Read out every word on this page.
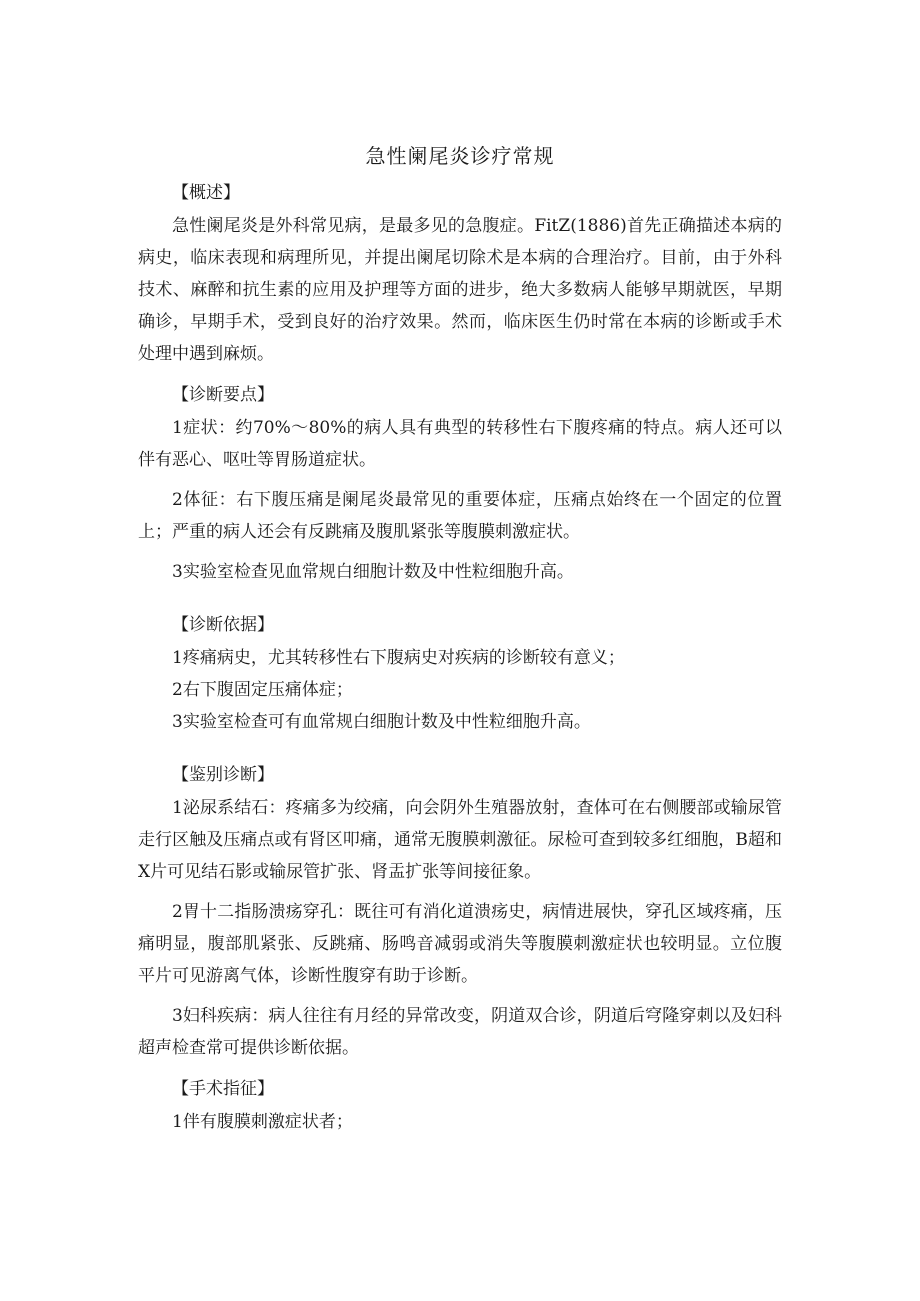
急性阑尾炎诊疗常规
【概述】
急性阑尾炎是外科常见病，是最多见的急腹症。FitZ(1886)首先正确描述本病的病史，临床表现和病理所见，并提出阑尾切除术是本病的合理治疗。目前，由于外科技术、麻醉和抗生素的应用及护理等方面的进步，绝大多数病人能够早期就医，早期确诊，早期手术，受到良好的治疗效果。然而，临床医生仍时常在本病的诊断或手术处理中遇到麻烦。
【诊断要点】
1症状：约70%～80%的病人具有典型的转移性右下腹疼痛的特点。病人还可以伴有恶心、呕吐等胃肠道症状。
2体征：右下腹压痛是阑尾炎最常见的重要体症，压痛点始终在一个固定的位置上；严重的病人还会有反跳痛及腹肌紧张等腹膜刺激症状。
3实验室检查见血常规白细胞计数及中性粒细胞升高。
【诊断依据】
1疼痛病史，尤其转移性右下腹病史对疾病的诊断较有意义；
2右下腹固定压痛体症；
3实验室检查可有血常规白细胞计数及中性粒细胞升高。
【鉴别诊断】
1泌尿系结石：疼痛多为绞痛，向会阴外生殖器放射，查体可在右侧腰部或输尿管走行区触及压痛点或有肾区叩痛，通常无腹膜刺激征。尿检可查到较多红细胞，B超和X片可见结石影或输尿管扩张、肾盂扩张等间接征象。
2胃十二指肠溃疡穿孔：既往可有消化道溃疡史，病情进展快，穿孔区域疼痛，压痛明显，腹部肌紧张、反跳痛、肠鸣音减弱或消失等腹膜刺激症状也较明显。立位腹平片可见游离气体，诊断性腹穿有助于诊断。
3妇科疾病：病人往往有月经的异常改变，阴道双合诊，阴道后穹隆穿刺以及妇科超声检查常可提供诊断依据。
【手术指征】
1伴有腹膜刺激症状者；
